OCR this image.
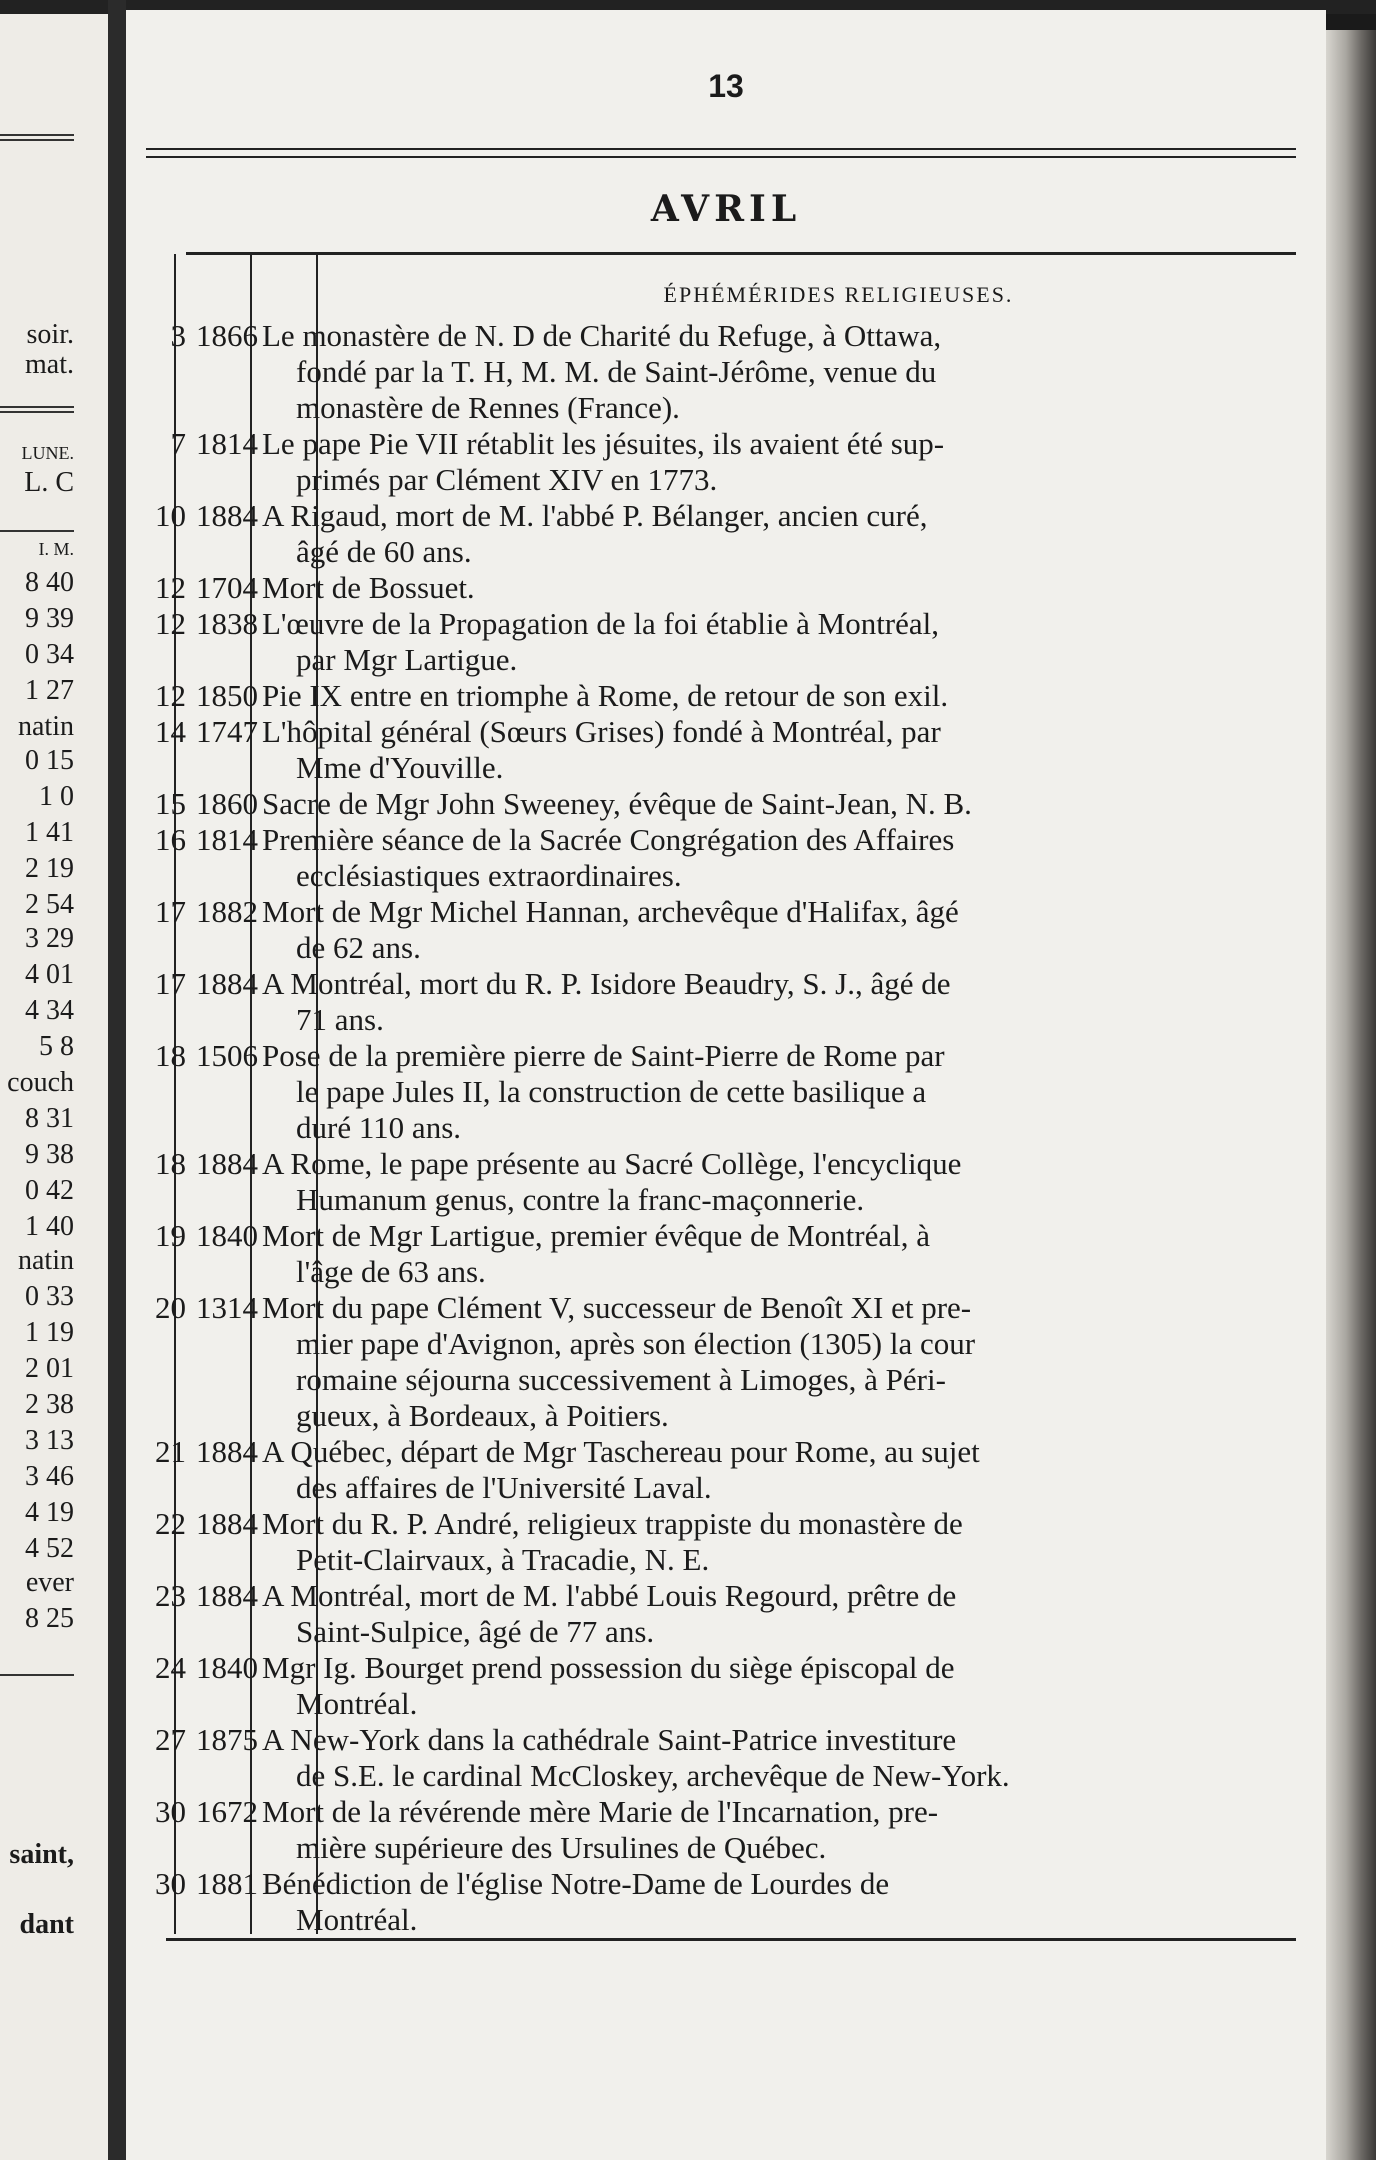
soir.
mat.
LUNE.
L. C
I. M.
8 40
9 39
0 34
1 27
natin
0 15
1 0
1 41
2 19
2 54
3 29
4 01
4 34
5 8
couch
8 31
9 38
0 42
1 40
natin
0 33
1 19
2 01
2 38
3 13
3 46
4 19
4 52
ever
8 25
saint,
dant
13
AVRIL
ÉPHÉMÉRIDES RELIGIEUSES.
3 1866 Le monastère de N. D de Charité du Refuge, à Ottawa,
fondé par la T. H, M. M. de Saint-Jérôme, venue du
monastère de Rennes (France).
7 1814 Le pape Pie VII rétablit les jésuites, ils avaient été sup-
primés par Clément XIV en 1773.
10 1884 A Rigaud, mort de M. l'abbé P. Bélanger, ancien curé,
âgé de 60 ans.
12 1704 Mort de Bossuet.
12 1838 L'œuvre de la Propagation de la foi établie à Montréal,
par Mgr Lartigue.
12 1850 Pie IX entre en triomphe à Rome, de retour de son exil.
14 1747 L'hôpital général (Sœurs Grises) fondé à Montréal, par
Mme d'Youville.
15 1860 Sacre de Mgr John Sweeney, évêque de Saint-Jean, N. B.
16 1814 Première séance de la Sacrée Congrégation des Affaires
ecclésiastiques extraordinaires.
17 1882 Mort de Mgr Michel Hannan, archevêque d'Halifax, âgé
de 62 ans.
17 1884 A Montréal, mort du R. P. Isidore Beaudry, S. J., âgé de
71 ans.
18 1506 Pose de la première pierre de Saint-Pierre de Rome par
le pape Jules II, la construction de cette basilique a
duré 110 ans.
18 1884 A Rome, le pape présente au Sacré Collège, l'encyclique
Humanum genus, contre la franc-maçonnerie.
19 1840 Mort de Mgr Lartigue, premier évêque de Montréal, à
l'âge de 63 ans.
20 1314 Mort du pape Clément V, successeur de Benoît XI et pre-
mier pape d'Avignon, après son élection (1305) la cour
romaine séjourna successivement à Limoges, à Péri-
gueux, à Bordeaux, à Poitiers.
21 1884 A Québec, départ de Mgr Taschereau pour Rome, au sujet
des affaires de l'Université Laval.
22 1884 Mort du R. P. André, religieux trappiste du monastère de
Petit-Clairvaux, à Tracadie, N. E.
23 1884 A Montréal, mort de M. l'abbé Louis Regourd, prêtre de
Saint-Sulpice, âgé de 77 ans.
24 1840 Mgr Ig. Bourget prend possession du siège épiscopal de
Montréal.
27 1875 A New-York dans la cathédrale Saint-Patrice investiture
de S.E. le cardinal McCloskey, archevêque de New-York.
30 1672 Mort de la révérende mère Marie de l'Incarnation, pre-
mière supérieure des Ursulines de Québec.
30 1881 Bénédiction de l'église Notre-Dame de Lourdes de
Montréal.
